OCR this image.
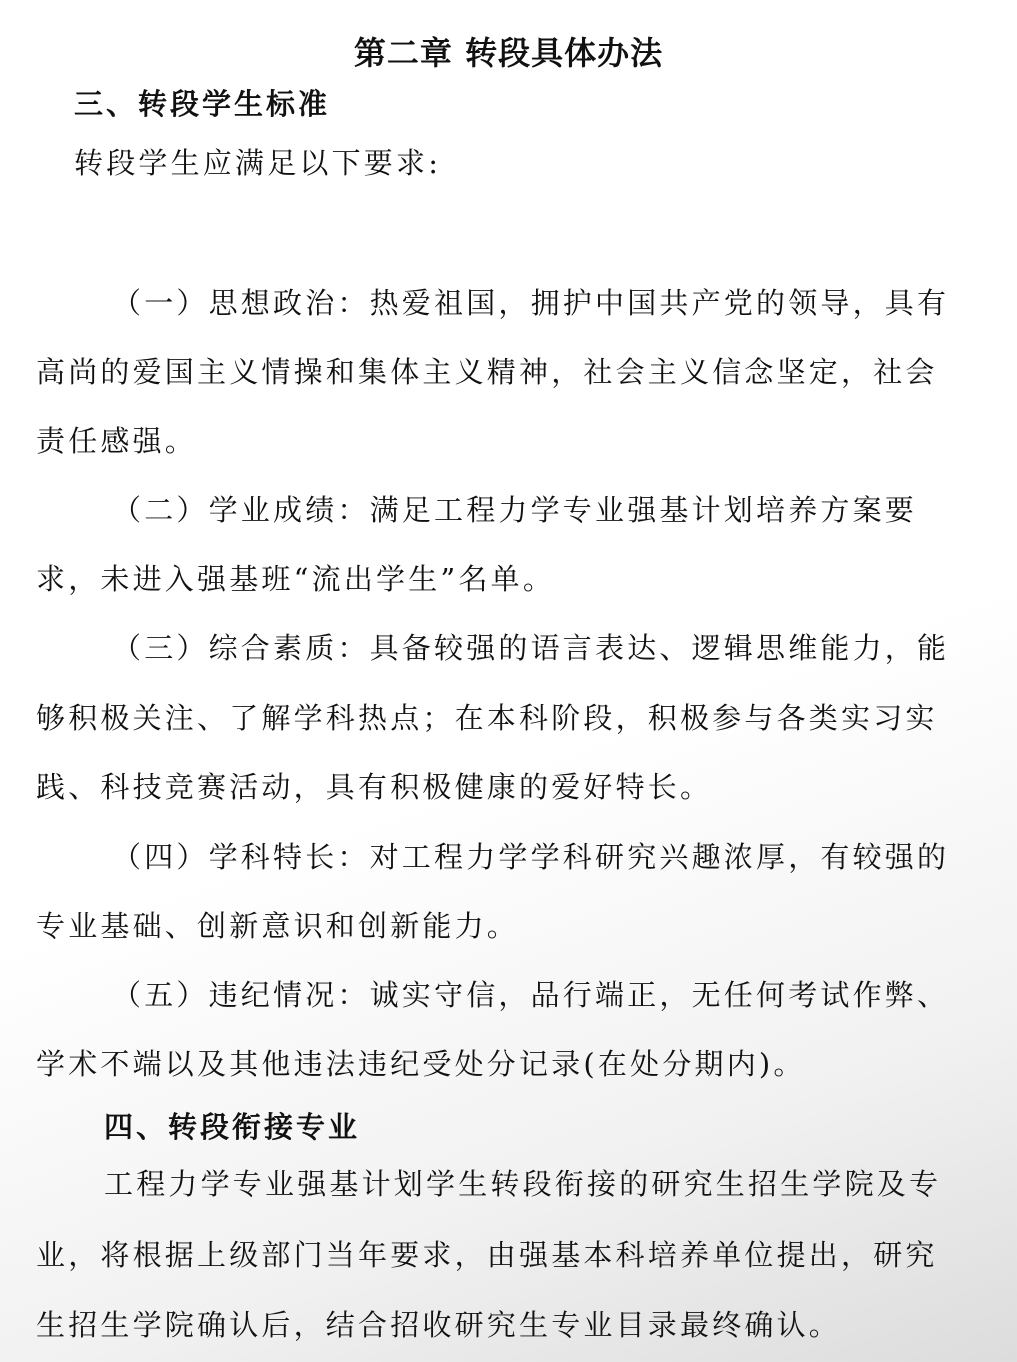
第二章 转段具体办法
三、转段学生标准
转段学生应满足以下要求:
（一）思想政治：热爱祖国，拥护中国共产党的领导，具有
高尚的爱国主义情操和集体主义精神，社会主义信念坚定，社会
责任感强。
（二）学业成绩：满足工程力学专业强基计划培养方案要
求，未进入强基班“流出学生”名单。
（三）综合素质：具备较强的语言表达、逻辑思维能力，能
够积极关注、了解学科热点；在本科阶段，积极参与各类实习实
践、科技竞赛活动，具有积极健康的爱好特长。
（四）学科特长：对工程力学学科研究兴趣浓厚，有较强的
专业基础、创新意识和创新能力。
（五）违纪情况：诚实守信，品行端正，无任何考试作弊、
学术不端以及其他违法违纪受处分记录(在处分期内)。
四、转段衔接专业
工程力学专业强基计划学生转段衔接的研究生招生学院及专
业，将根据上级部门当年要求，由强基本科培养单位提出，研究
生招生学院确认后，结合招收研究生专业目录最终确认。
